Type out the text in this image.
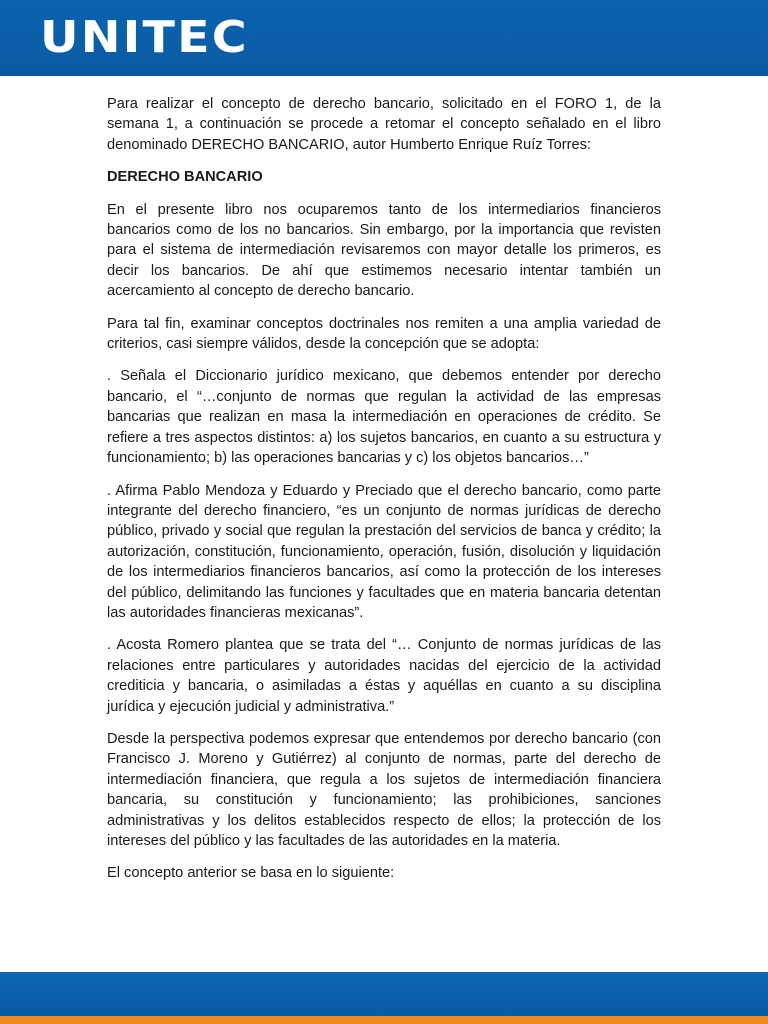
UNITEC

Para realizar el concepto de derecho bancario, solicitado en el FORO 1, de la semana 1, a continuación se procede a retomar el concepto señalado en el libro denominado DERECHO BANCARIO, autor Humberto Enrique Ruíz Torres:

DERECHO BANCARIO

En el presente libro nos ocuparemos tanto de los intermediarios financieros bancarios como de los no bancarios. Sin embargo, por la importancia que revisten para el sistema de intermediación revisaremos con mayor detalle los primeros, es decir los bancarios. De ahí que estimemos necesario intentar también un acercamiento al concepto de derecho bancario.

Para tal fin, examinar conceptos doctrinales nos remiten a una amplia variedad de criterios, casi siempre válidos, desde la concepción que se adopta:

. Señala el Diccionario jurídico mexicano, que debemos entender por derecho bancario, el “…conjunto de normas que regulan la actividad de las empresas bancarias que realizan en masa la intermediación en operaciones de crédito. Se refiere a tres aspectos distintos: a) los sujetos bancarios, en cuanto a su estructura y funcionamiento; b) las operaciones bancarias y c) los objetos bancarios…”

. Afirma Pablo Mendoza y Eduardo y Preciado que el derecho bancario, como parte integrante del derecho financiero, “es un conjunto de normas jurídicas de derecho público, privado y social que regulan la prestación del servicios de banca y crédito; la autorización, constitución, funcionamiento, operación, fusión, disolución y liquidación de los intermediarios financieros bancarios, así como la protección de los intereses del público, delimitando las funciones y facultades que en materia bancaria detentan las autoridades financieras mexicanas”.

. Acosta Romero plantea que se trata del “… Conjunto de normas jurídicas de las relaciones entre particulares y autoridades nacidas del ejercicio de la actividad crediticia y bancaria, o asimiladas a éstas y aquéllas en cuanto a su disciplina jurídica y ejecución judicial y administrativa.”

Desde la perspectiva podemos expresar que entendemos por derecho bancario (con Francisco J. Moreno y Gutiérrez) al conjunto de normas, parte del derecho de intermediación financiera, que regula a los sujetos de intermediación financiera bancaria, su constitución y funcionamiento; las prohibiciones, sanciones administrativas y los delitos establecidos respecto de ellos; la protección de los intereses del público y las facultades de las autoridades en la materia.

El concepto anterior se basa en lo siguiente:
